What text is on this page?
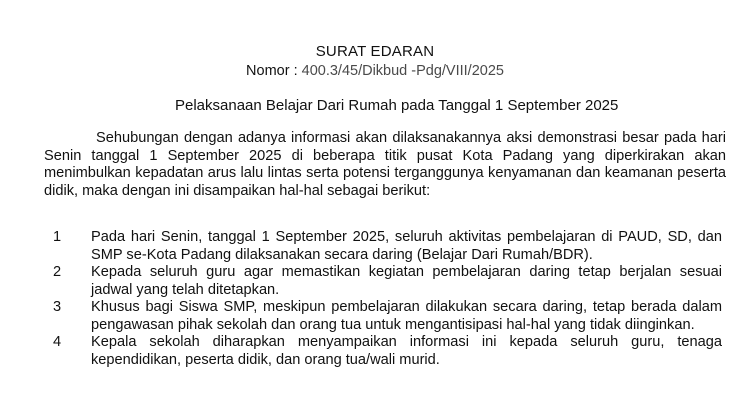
SURAT EDARAN
Nomor : 400.3/45/Dikbud -Pdg/VIII/2025
Pelaksanaan Belajar Dari Rumah pada Tanggal 1 September 2025

Sehubungan dengan adanya informasi akan dilaksanakannya aksi demonstrasi besar pada hari Senin tanggal 1 September 2025 di beberapa titik pusat Kota Padang yang diperkirakan akan menimbulkan kepadatan arus lalu lintas serta potensi terganggunya kenyamanan dan keamanan peserta didik, maka dengan ini disampaikan hal-hal sebagai berikut:

1 Pada hari Senin, tanggal 1 September 2025, seluruh aktivitas pembelajaran di PAUD, SD, dan SMP se-Kota Padang dilaksanakan secara daring (Belajar Dari Rumah/BDR).
2 Kepada seluruh guru agar memastikan kegiatan pembelajaran daring tetap berjalan sesuai jadwal yang telah ditetapkan.
3 Khusus bagi Siswa SMP, meskipun pembelajaran dilakukan secara daring, tetap berada dalam pengawasan pihak sekolah dan orang tua untuk mengantisipasi hal-hal yang tidak diinginkan.
4 Kepala sekolah diharapkan menyampaikan informasi ini kepada seluruh guru, tenaga kependidikan, peserta didik, dan orang tua/wali murid.
